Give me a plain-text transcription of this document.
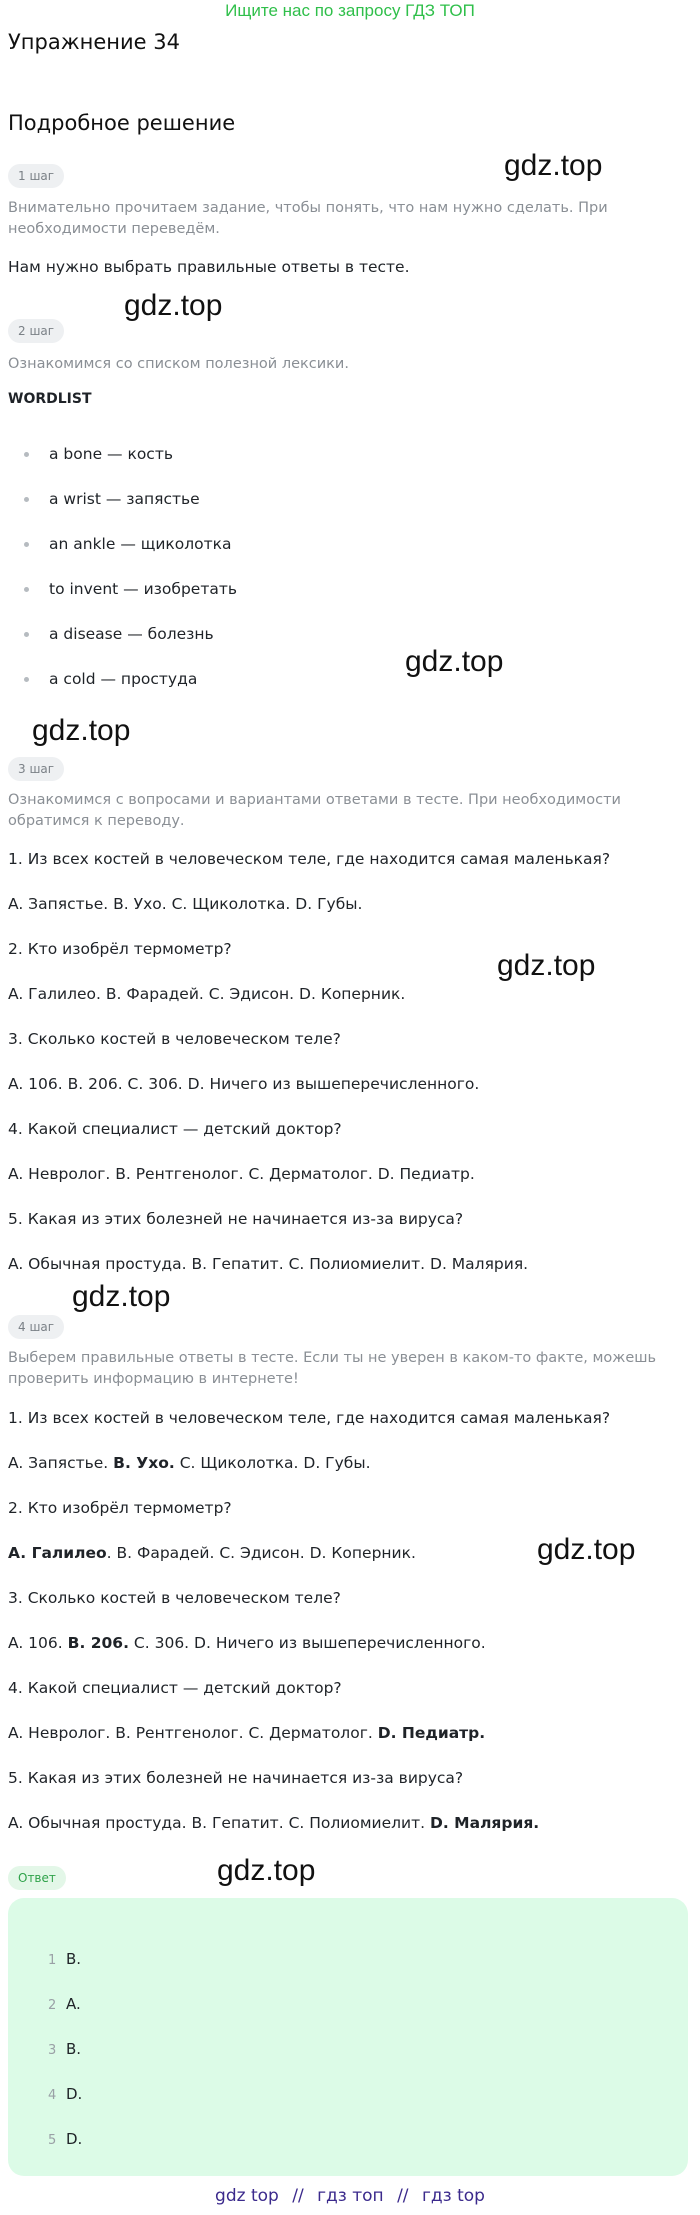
Ищите нас по запросу ГДЗ ТОП
Упражнение 34
Подробное решение
gdz.top
gdz.top
gdz.top
gdz.top
gdz.top
gdz.top
gdz.top
gdz.top
1 шаг

Внимательно прочитаем задание, чтобы понять, что нам нужно сделать. При необходимости переведём.

Нам нужно выбрать правильные ответы в тесте.

2 шаг

Ознакомимся со списком полезной лексики.

WORDLIST

a bone — кость
a wrist — запястье
an ankle — щиколотка
to invent — изобретать
a disease — болезнь
a cold — простуда
3 шаг

Ознакомимся с вопросами и вариантами ответами в тесте. При необходимости обратимся к переводу.

1. Из всех костей в человеческом теле, где находится самая маленькая?

A. Запястье. B. Ухо. C. Щиколотка. D. Губы.

2. Кто изобрёл термометр?

A. Галилео. B. Фарадей. C. Эдисон. D. Коперник.

3. Сколько костей в человеческом теле?

A. 106. B. 206. C. 306. D. Ничего из вышеперечисленного.

4. Какой специалист — детский доктор?

A. Невролог. B. Рентгенолог. C. Дерматолог. D. Педиатр.

5. Какая из этих болезней не начинается из-за вируса?

A. Обычная простуда. B. Гепатит. C. Полиомиелит. D. Малярия.

4 шаг

Выберем правильные ответы в тесте. Если ты не уверен в каком-то факте, можешь проверить информацию в интернете!

1. Из всех костей в человеческом теле, где находится самая маленькая?

A. Запястье. B. Ухо. C. Щиколотка. D. Губы.

2. Кто изобрёл термометр?

A. Галилео. B. Фарадей. C. Эдисон. D. Коперник.

3. Сколько костей в человеческом теле?

A. 106. B. 206. C. 306. D. Ничего из вышеперечисленного.

4. Какой специалист — детский доктор?

A. Невролог. B. Рентгенолог. C. Дерматолог. D. Педиатр.

5. Какая из этих болезней не начинается из-за вируса?

A. Обычная простуда. B. Гепатит. C. Полиомиелит. D. Малярия.

Ответ
1 B.
2 A.
3 B.
4 D.
5 D.
gdz top // гдз топ // гдз top
